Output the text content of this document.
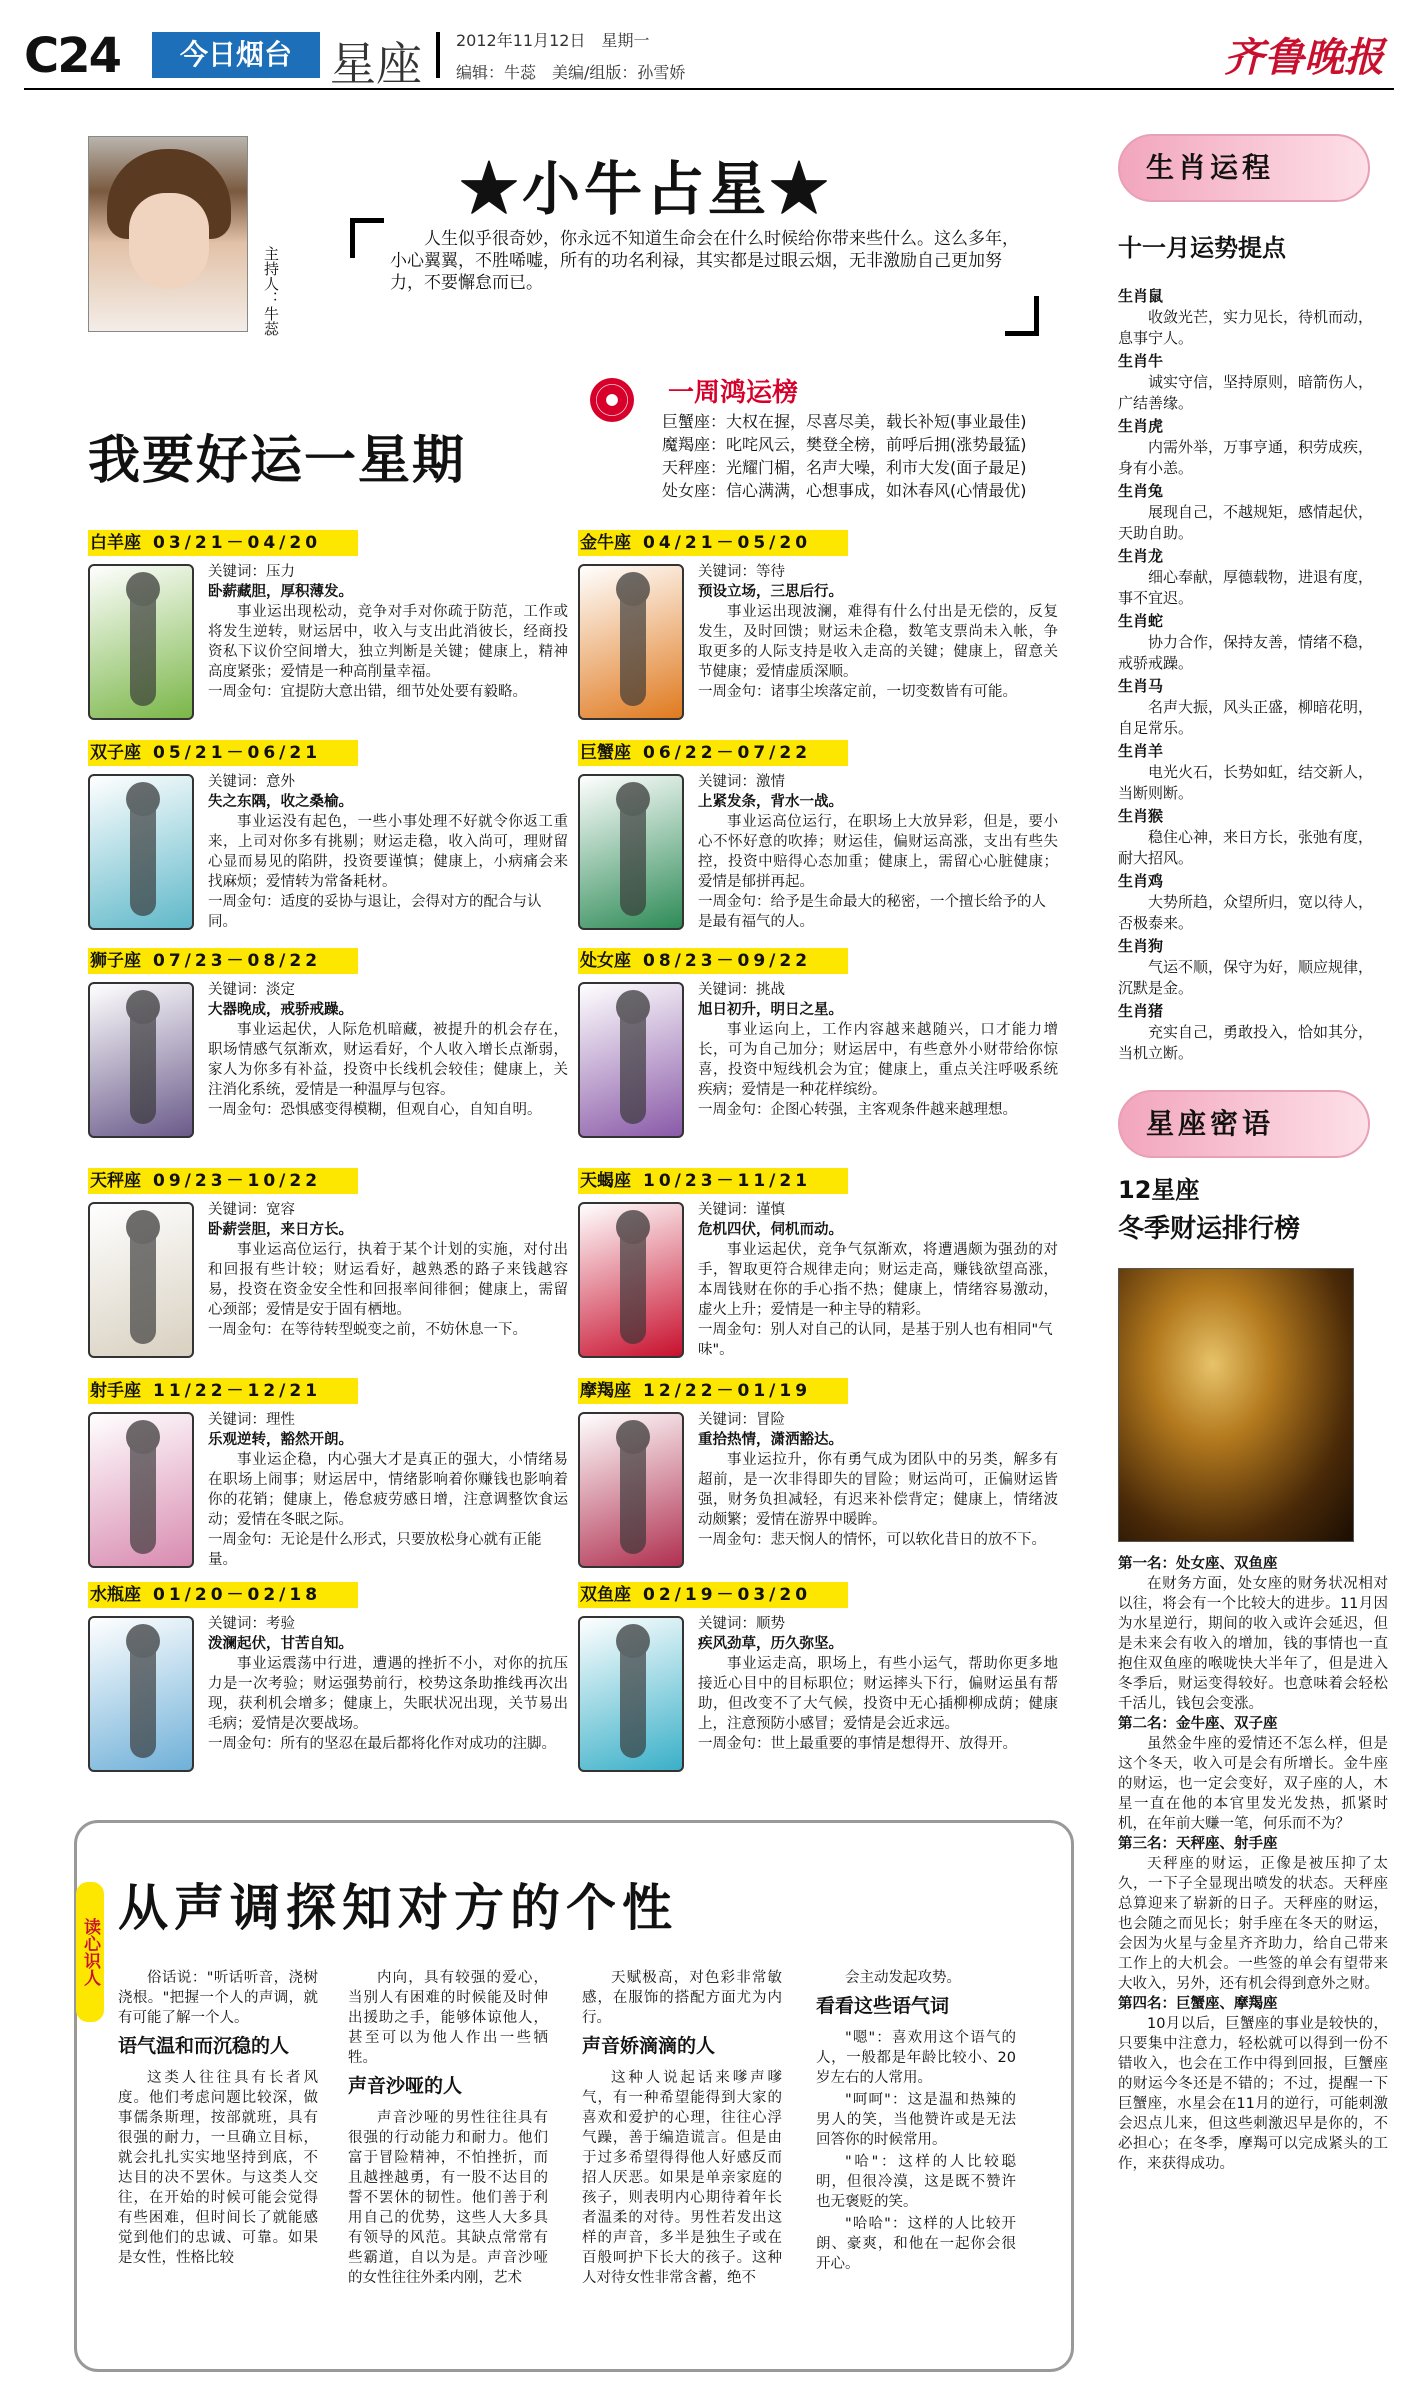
C24	今日烟台 星座 2012年11月12日　星期一
编辑：牛蕊　美编/组版：孙雪娇	齐鲁晚报
主持人：牛蕊
★小牛占星★
人生似乎很奇妙，你永远不知道生命会在什么时候给你带来些什么。这么多年，小心翼翼，不胜唏嘘，所有的功名利禄，其实都是过眼云烟，无非激励自己更加努力，不要懈怠而已。
一周鸿运榜
巨蟹座：大权在握，尽喜尽美，载长补短(事业最佳)
魔羯座：叱咤风云，樊登全榜，前呼后拥(涨势最猛)
天秤座：光耀门楣，名声大噪，利市大发(面子最足)
处女座：信心满满，心想事成，如沐春风(心情最优)
我要好运一星期
白羊座 03/21－04/20
关键词：压力
卧薪藏胆，厚积薄发。
事业运出现松动，竞争对手对你疏于防范，工作或将发生逆转，财运居中，收入与支出此消彼长，经商投资私下议价空间增大，独立判断是关键；健康上，精神高度紧张；爱情是一种高削量幸福。
一周金句：宜提防大意出错，细节处处要有毅略。
金牛座 04/21－05/20
关键词：等待
预设立场，三思后行。
事业运出现波澜，难得有什么付出是无偿的，反复发生，及时回馈；财运未企稳，数笔支票尚未入帐，争取更多的人际支持是收入走高的关键；健康上，留意关节健康；爱情虚质深顺。
一周金句：诸事尘埃落定前，一切变数皆有可能。
双子座 05/21－06/21
关键词：意外
失之东隅，收之桑榆。
事业运没有起色，一些小事处理不好就令你返工重来，上司对你多有挑剔；财运走稳，收入尚可，理财留心显而易见的陷阱，投资要谨慎；健康上，小病痛会来找麻烦；爱情转为常备耗材。
一周金句：适度的妥协与退让，会得对方的配合与认同。
巨蟹座 06/22－07/22
关键词：激情
上紧发条，背水一战。
事业运高位运行，在职场上大放异彩，但是，要小心不怀好意的吹捧；财运佳，偏财运高涨，支出有些失控，投资中赔得心态加重；健康上，需留心心脏健康；爱情是郁拼再起。
一周金句：给予是生命最大的秘密，一个擅长给予的人是最有福气的人。
狮子座 07/23－08/22
关键词：淡定
大器晚成，戒骄戒躁。
事业运起伏，人际危机暗藏，被提升的机会存在，职场情感气氛渐欢，财运看好，个人收入增长点渐弱，家人为你多有补益，投资中长线机会较佳；健康上，关注消化系统，爱情是一种温厚与包容。
一周金句：恐惧感变得模糊，但观自心，自知自明。
处女座 08/23－09/22
关键词：挑战
旭日初升，明日之星。
事业运向上，工作内容越来越随兴，口才能力增长，可为自己加分；财运居中，有些意外小财带给你惊喜，投资中短线机会为宜；健康上，重点关注呼吸系统疾病；爱情是一种花样缤纷。
一周金句：企图心转强，主客观条件越来越理想。
天秤座 09/23－10/22
关键词：宽容
卧薪尝胆，来日方长。
事业运高位运行，执着于某个计划的实施，对付出和回报有些计较；财运看好，越熟悉的路子来钱越容易，投资在资金安全性和回报率间徘徊；健康上，需留心颈部；爱情是安于固有栖地。
一周金句：在等待转型蜕变之前，不妨休息一下。
天蝎座 10/23－11/21
关键词：谨慎
危机四伏，伺机而动。
事业运起伏，竞争气氛渐欢，将遭遇颇为强劲的对手，智取更符合规律走向；财运走高，赚钱欲望高涨，本周钱财在你的手心指不热；健康上，情绪容易激动，虚火上升；爱情是一种主导的精彩。
一周金句：别人对自己的认同，是基于别人也有相同"气味"。
射手座 11/22－12/21
关键词：理性
乐观逆转，豁然开朗。
事业运企稳，内心强大才是真正的强大，小情绪易在职场上闹事；财运居中，情绪影响着你赚钱也影响着你的花销；健康上，倦怠疲劳感日增，注意调整饮食运动；爱情在冬眠之际。
一周金句：无论是什么形式，只要放松身心就有正能量。
摩羯座 12/22－01/19
关键词：冒险
重拾热情，潇洒豁达。
事业运拉升，你有勇气成为团队中的另类，解多有超前，是一次非得即失的冒险；财运尚可，正偏财运皆强，财务负担减轻，有迟来补偿背定；健康上，情绪波动颇繁；爱情在游界中暖眸。
一周金句：悲天悯人的情怀，可以软化昔日的放不下。
水瓶座 01/20－02/18
关键词：考验
泼澜起伏，甘苦自知。
事业运震荡中行进，遭遇的挫折不小，对你的抗压力是一次考验；财运强势前行，校势这条助推线再次出现，获利机会增多；健康上，失眠状况出现，关节易出毛病；爱情是次要战场。
一周金句：所有的坚忍在最后都将化作对成功的注脚。
双鱼座 02/19－03/20
关键词：顺势
疾风劲草，历久弥坚。
事业运走高，职场上，有些小运气，帮助你更多地接近心目中的目标职位；财运摔头下行，偏财运虽有帮助，但改变不了大气候，投资中无心插柳柳成荫；健康上，注意预防小感冒；爱情是会近求远。
一周金句：世上最重要的事情是想得开、放得开。
生肖运程
十一月运势提点
生肖鼠
收敛光芒，实力见长，待机而动，息事宁人。
生肖牛
诚实守信，坚持原则，暗箭伤人，广结善缘。
生肖虎
内需外举，万事亨通，积劳成疾，身有小恙。
生肖兔
展现自己，不越规矩，感情起伏，天助自助。
生肖龙
细心奉献，厚德载物，进退有度，事不宜迟。
生肖蛇
协力合作，保持友善，情绪不稳，戒骄戒躁。
生肖马
名声大振，风头正盛，柳暗花明，自足常乐。
生肖羊
电光火石，长势如虹，结交新人，当断则断。
生肖猴
稳住心神，来日方长，张弛有度，耐大招风。
生肖鸡
大势所趋，众望所归，宽以待人，否极泰来。
生肖狗
气运不顺，保守为好，顺应规律，沉默是金。
生肖猪
充实自己，勇敢投入，恰如其分，当机立断。
星座密语
12星座
冬季财运排行榜
第一名：处女座、双鱼座
在财务方面，处女座的财务状况相对以往，将会有一个比较大的进步。11月因为水星逆行，期间的收入或许会延迟，但是未来会有收入的增加，钱的事情也一直抱住双鱼座的喉咙快大半年了，但是进入冬季后，财运变得较好。也意味着会轻松千活儿，钱包会变涨。
第二名：金牛座、双子座
虽然金牛座的爱情还不怎么样，但是这个冬天，收入可是会有所增长。金牛座的财运，也一定会变好，双子座的人，木星一直在他的本官里发光发热，抓紧时机，在年前大赚一笔，何乐而不为？
第三名：天秤座、射手座
天秤座的财运，正像是被压抑了太久，一下子全显现出喷发的状态。天秤座总算迎来了崭新的日子。天秤座的财运，也会随之而见长；射手座在冬天的财运，会因为火星与金星齐齐助力，给自己带来工作上的大机会。一些签的单会有望带来大收入，另外，还有机会得到意外之财。
第四名：巨蟹座、摩羯座
10月以后，巨蟹座的事业是较快的，只要集中注意力，轻松就可以得到一份不错收入，也会在工作中得到回报，巨蟹座的财运今冬还是不错的；不过，提醒一下巨蟹座，水星会在11月的逆行，可能刺激会迟点儿来，但这些刺激迟早是你的，不必担心；在冬季，摩羯可以完成紧头的工作，来获得成功。
读心识人
从声调探知对方的个性
俗话说："听话听音，浇树浇根。"把握一个人的声调，就有可能了解一个人。
语气温和而沉稳的人
这类人往往具有长者风度。他们考虑问题比较深，做事儒条斯理，按部就班，具有很强的耐力，一旦确立目标，就会扎扎实实地坚持到底，不达目的决不罢休。与这类人交往，在开始的时候可能会觉得有些困难，但时间长了就能感觉到他们的忠诚、可靠。如果是女性，性格比较
内向，具有较强的爱心，当别人有困难的时候能及时伸出援助之手，能够体谅他人，甚至可以为他人作出一些牺牲。
声音沙哑的人
声音沙哑的男性往往具有很强的行动能力和耐力。他们富于冒险精神，不怕挫折，而且越挫越勇，有一股不达目的誓不罢休的韧性。他们善于利用自己的优势，这些人大多具有领导的风范。其缺点常常有些霸道，自以为是。声音沙哑的女性往往外柔内刚，艺术
天赋极高，对色彩非常敏感，在服饰的搭配方面尤为内行。
声音娇滴滴的人
这种人说起话来嗲声嗲气，有一种希望能得到大家的喜欢和爱护的心理，往往心浮气躁，善于编造谎言。但是由于过多希望得得他人好感反而招人厌恶。如果是单亲家庭的孩子，则表明内心期待着年长者温柔的对待。男性若发出这样的声音，多半是独生子或在百般呵护下长大的孩子。这种人对待女性非常含蓄，绝不
会主动发起攻势。
看看这些语气词
"嗯"：喜欢用这个语气的人，一般都是年龄比较小、20岁左右的人常用。
"呵呵"：这是温和热辣的男人的笑，当他赞许或是无法回答你的时候常用。
"哈"：这样的人比较聪明，但很冷漠，这是既不赞许也无褒贬的笑。
"哈哈"：这样的人比较开朗、豪爽，和他在一起你会很开心。
